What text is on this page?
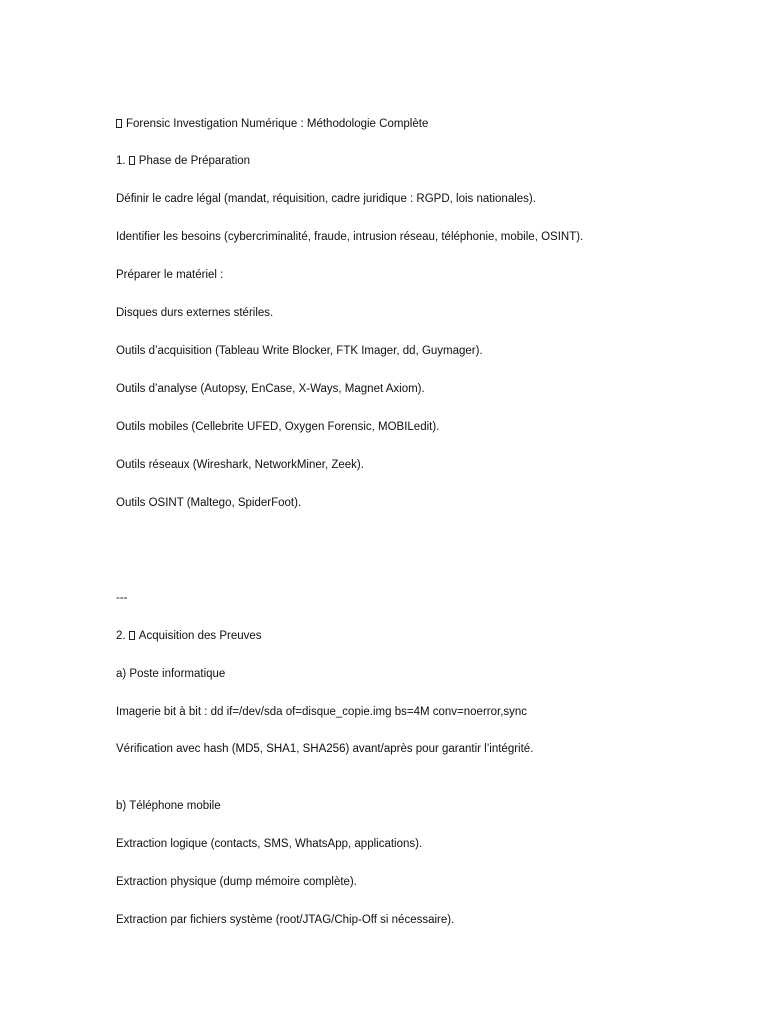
Forensic Investigation Numérique : Méthodologie Complète
1. Phase de Préparation
Définir le cadre légal (mandat, réquisition, cadre juridique : RGPD, lois nationales).
Identifier les besoins (cybercriminalité, fraude, intrusion réseau, téléphonie, mobile, OSINT).
Préparer le matériel :
Disques durs externes stériles.
Outils d’acquisition (Tableau Write Blocker, FTK Imager, dd, Guymager).
Outils d’analyse (Autopsy, EnCase, X-Ways, Magnet Axiom).
Outils mobiles (Cellebrite UFED, Oxygen Forensic, MOBILedit).
Outils réseaux (Wireshark, NetworkMiner, Zeek).
Outils OSINT (Maltego, SpiderFoot).
---
2. Acquisition des Preuves
a) Poste informatique
Imagerie bit à bit : dd if=/dev/sda of=disque_copie.img bs=4M conv=noerror,sync
Vérification avec hash (MD5, SHA1, SHA256) avant/après pour garantir l’intégrité.
b) Téléphone mobile
Extraction logique (contacts, SMS, WhatsApp, applications).
Extraction physique (dump mémoire complète).
Extraction par fichiers système (root/JTAG/Chip-Off si nécessaire).
